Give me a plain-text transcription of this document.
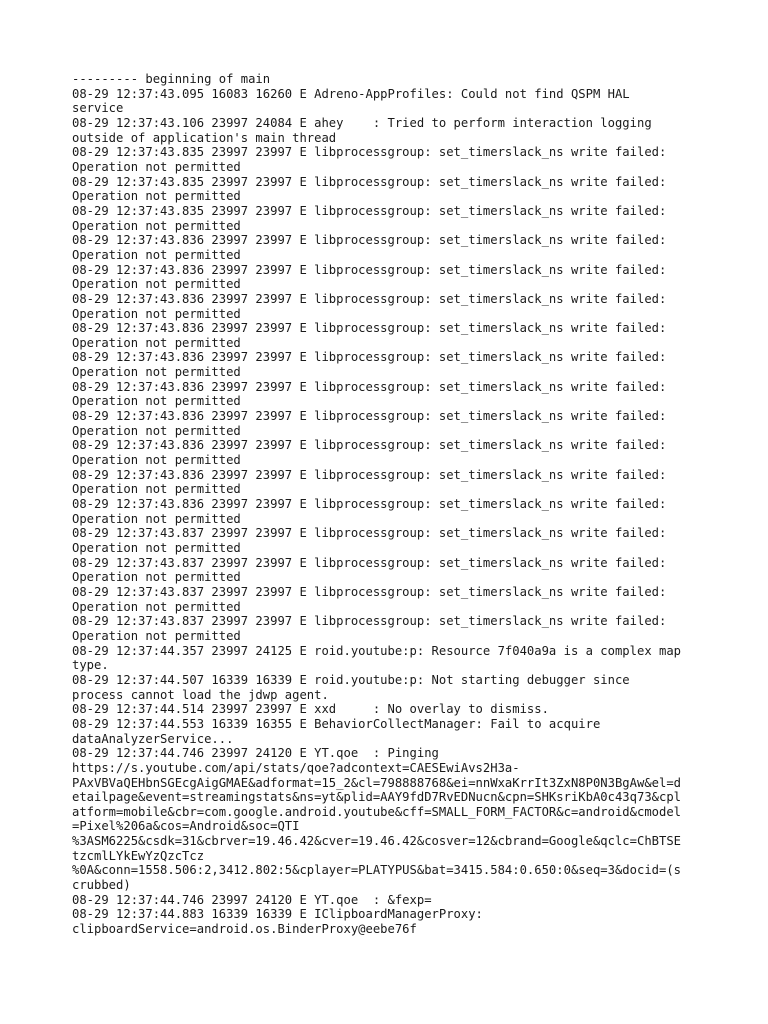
--------- beginning of main
08-29 12:37:43.095 16083 16260 E Adreno-AppProfiles: Could not find QSPM HAL
service
08-29 12:37:43.106 23997 24084 E ahey    : Tried to perform interaction logging
outside of application's main thread
08-29 12:37:43.835 23997 23997 E libprocessgroup: set_timerslack_ns write failed:
Operation not permitted
08-29 12:37:43.835 23997 23997 E libprocessgroup: set_timerslack_ns write failed:
Operation not permitted
08-29 12:37:43.835 23997 23997 E libprocessgroup: set_timerslack_ns write failed:
Operation not permitted
08-29 12:37:43.836 23997 23997 E libprocessgroup: set_timerslack_ns write failed:
Operation not permitted
08-29 12:37:43.836 23997 23997 E libprocessgroup: set_timerslack_ns write failed:
Operation not permitted
08-29 12:37:43.836 23997 23997 E libprocessgroup: set_timerslack_ns write failed:
Operation not permitted
08-29 12:37:43.836 23997 23997 E libprocessgroup: set_timerslack_ns write failed:
Operation not permitted
08-29 12:37:43.836 23997 23997 E libprocessgroup: set_timerslack_ns write failed:
Operation not permitted
08-29 12:37:43.836 23997 23997 E libprocessgroup: set_timerslack_ns write failed:
Operation not permitted
08-29 12:37:43.836 23997 23997 E libprocessgroup: set_timerslack_ns write failed:
Operation not permitted
08-29 12:37:43.836 23997 23997 E libprocessgroup: set_timerslack_ns write failed:
Operation not permitted
08-29 12:37:43.836 23997 23997 E libprocessgroup: set_timerslack_ns write failed:
Operation not permitted
08-29 12:37:43.836 23997 23997 E libprocessgroup: set_timerslack_ns write failed:
Operation not permitted
08-29 12:37:43.837 23997 23997 E libprocessgroup: set_timerslack_ns write failed:
Operation not permitted
08-29 12:37:43.837 23997 23997 E libprocessgroup: set_timerslack_ns write failed:
Operation not permitted
08-29 12:37:43.837 23997 23997 E libprocessgroup: set_timerslack_ns write failed:
Operation not permitted
08-29 12:37:43.837 23997 23997 E libprocessgroup: set_timerslack_ns write failed:
Operation not permitted
08-29 12:37:44.357 23997 24125 E roid.youtube:p: Resource 7f040a9a is a complex map
type.
08-29 12:37:44.507 16339 16339 E roid.youtube:p: Not starting debugger since
process cannot load the jdwp agent.
08-29 12:37:44.514 23997 23997 E xxd     : No overlay to dismiss.
08-29 12:37:44.553 16339 16355 E BehaviorCollectManager: Fail to acquire
dataAnalyzerService...
08-29 12:37:44.746 23997 24120 E YT.qoe  : Pinging
https://s.youtube.com/api/stats/qoe?adcontext=CAESEwiAvs2H3a-
PAxVBVaQEHbnSGEcgAigGMAE&adformat=15_2&cl=798888768&ei=nnWxaKrrIt3ZxN8P0N3BgAw&el=d
etailpage&event=streamingstats&ns=yt&plid=AAY9fdD7RvEDNucn&cpn=SHKsriKbA0c43q73&cpl
atform=mobile&cbr=com.google.android.youtube&cff=SMALL_FORM_FACTOR&c=android&cmodel
=Pixel%206a&cos=Android&soc=QTI
%3ASM6225&csdk=31&cbrver=19.46.42&cver=19.46.42&cosver=12&cbrand=Google&qclc=ChBTSE
tzcmlLYkEwYzQzcTcz
%0A&conn=1558.506:2,3412.802:5&cplayer=PLATYPUS&bat=3415.584:0.650:0&seq=3&docid=(s
crubbed)
08-29 12:37:44.746 23997 24120 E YT.qoe  : &fexp=
08-29 12:37:44.883 16339 16339 E IClipboardManagerProxy:
clipboardService=android.os.BinderProxy@eebe76f
